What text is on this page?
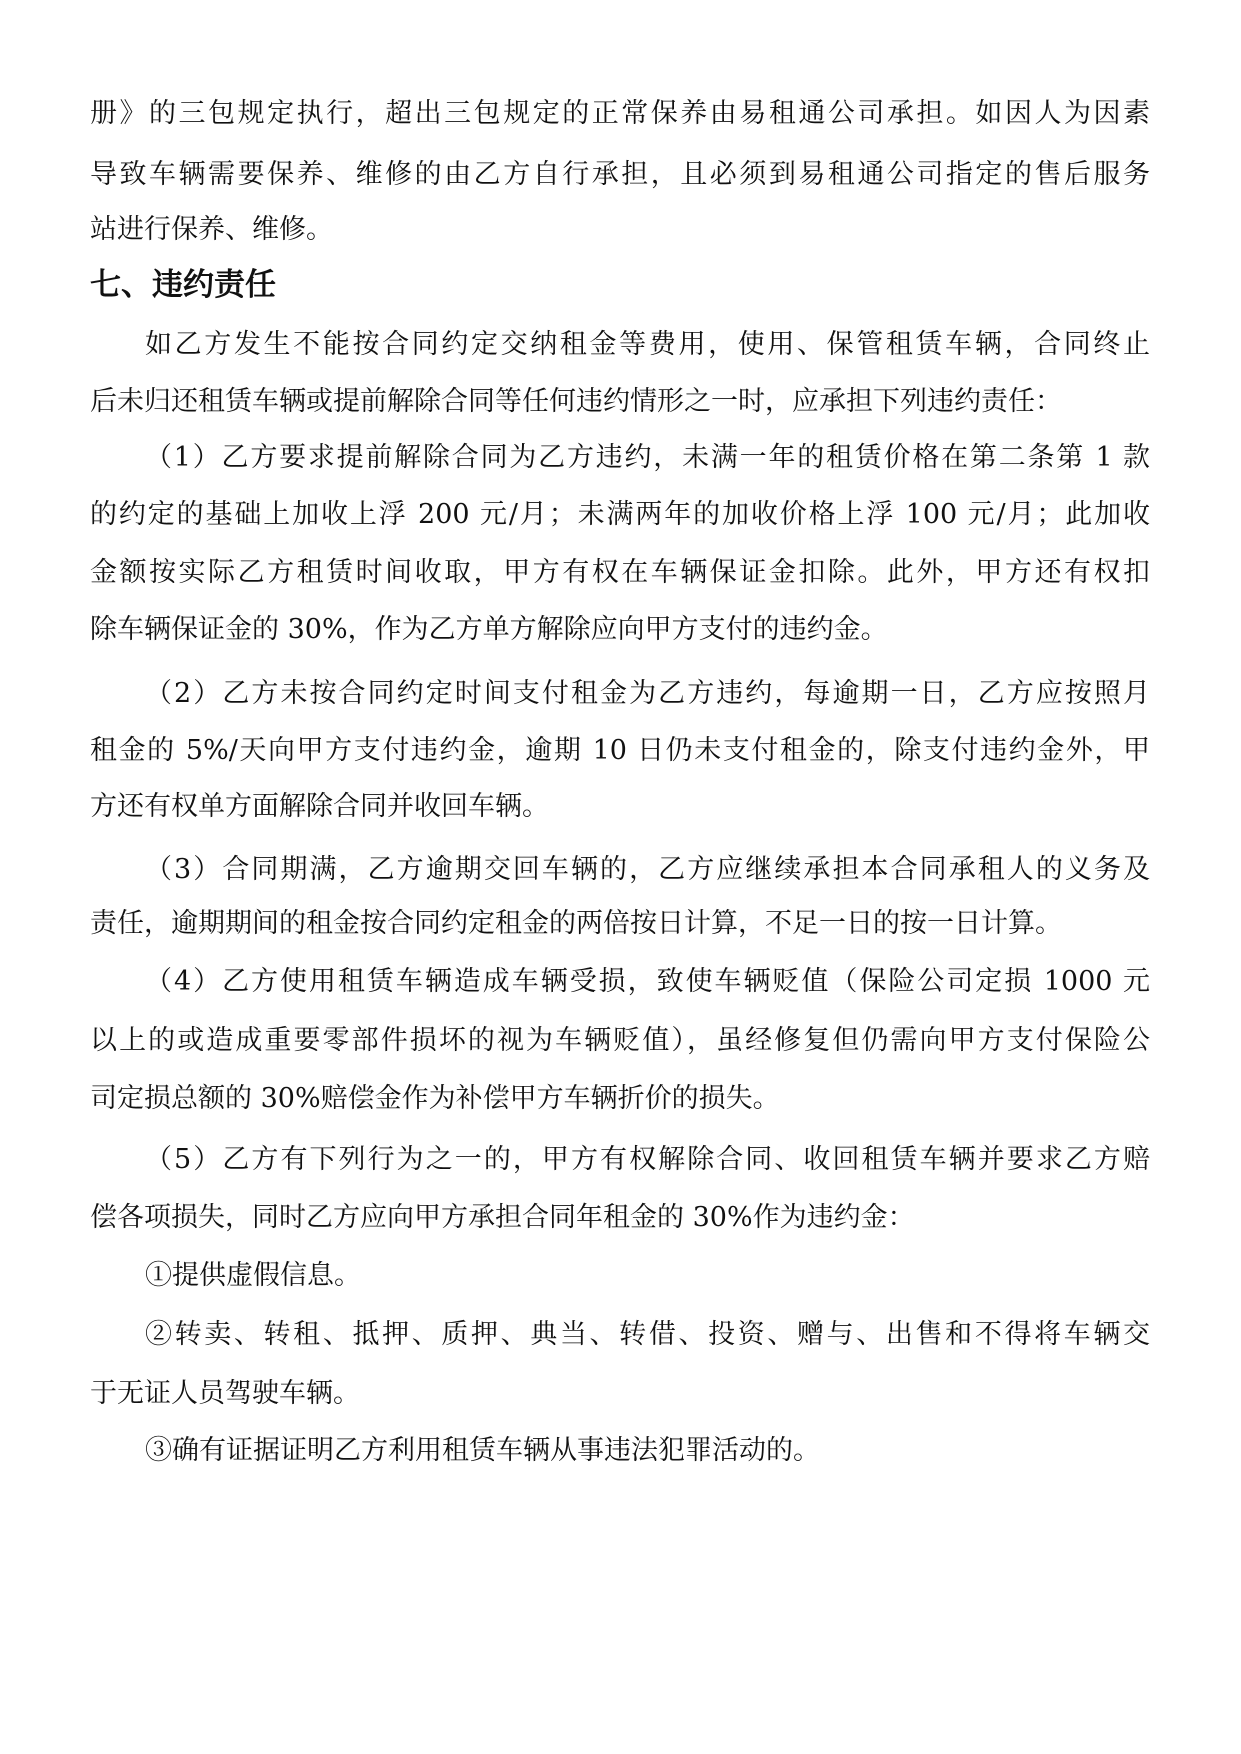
册》的三包规定执行，超出三包规定的正常保养由易租通公司承担。如因人为因素
导致车辆需要保养、维修的由乙方自行承担，且必须到易租通公司指定的售后服务
站进行保养、维修。
七、违约责任
如乙方发生不能按合同约定交纳租金等费用，使用、保管租赁车辆，合同终止
后未归还租赁车辆或提前解除合同等任何违约情形之一时，应承担下列违约责任：
（1）乙方要求提前解除合同为乙方违约，未满一年的租赁价格在第二条第 1 款
的约定的基础上加收上浮 200 元/月；未满两年的加收价格上浮 100 元/月；此加收
金额按实际乙方租赁时间收取，甲方有权在车辆保证金扣除。此外，甲方还有权扣
除车辆保证金的 30%，作为乙方单方解除应向甲方支付的违约金。
（2）乙方未按合同约定时间支付租金为乙方违约，每逾期一日，乙方应按照月
租金的 5%/天向甲方支付违约金，逾期 10 日仍未支付租金的，除支付违约金外，甲
方还有权单方面解除合同并收回车辆。
（3）合同期满，乙方逾期交回车辆的，乙方应继续承担本合同承租人的义务及
责任，逾期期间的租金按合同约定租金的两倍按日计算，不足一日的按一日计算。
（4）乙方使用租赁车辆造成车辆受损，致使车辆贬值（保险公司定损 1000 元
以上的或造成重要零部件损坏的视为车辆贬值），虽经修复但仍需向甲方支付保险公
司定损总额的 30%赔偿金作为补偿甲方车辆折价的损失。
（5）乙方有下列行为之一的，甲方有权解除合同、收回租赁车辆并要求乙方赔
偿各项损失，同时乙方应向甲方承担合同年租金的 30%作为违约金：
①提供虚假信息。
②转卖、转租、抵押、质押、典当、转借、投资、赠与、出售和不得将车辆交
于无证人员驾驶车辆。
③确有证据证明乙方利用租赁车辆从事违法犯罪活动的。
